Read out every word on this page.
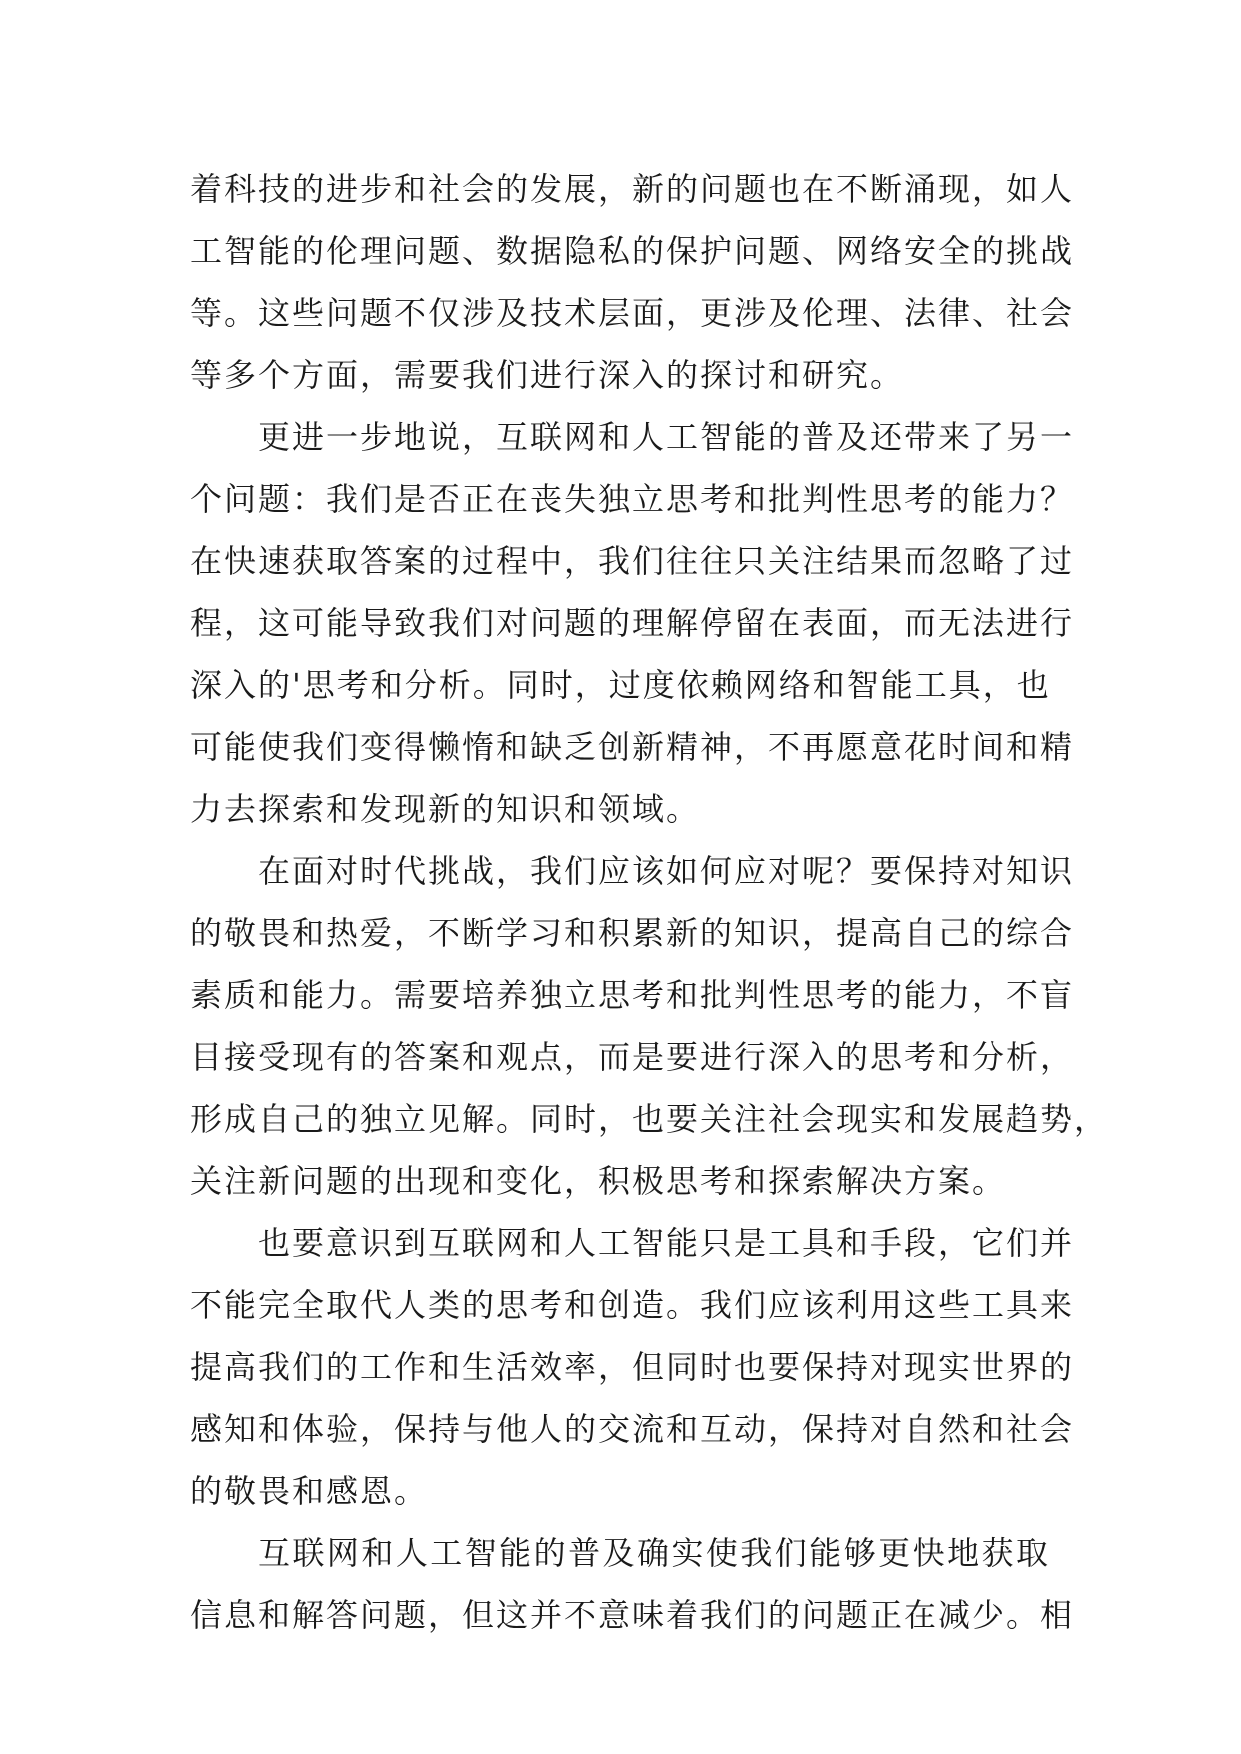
着科技的进步和社会的发展，新的问题也在不断涌现，如人
工智能的伦理问题、数据隐私的保护问题、网络安全的挑战
等。这些问题不仅涉及技术层面，更涉及伦理、法律、社会
等多个方面，需要我们进行深入的探讨和研究。
更进一步地说，互联网和人工智能的普及还带来了另一
个问题：我们是否正在丧失独立思考和批判性思考的能力？
在快速获取答案的过程中，我们往往只关注结果而忽略了过
程，这可能导致我们对问题的理解停留在表面，而无法进行
深入的'思考和分析。同时，过度依赖网络和智能工具，也
可能使我们变得懒惰和缺乏创新精神，不再愿意花时间和精
力去探索和发现新的知识和领域。
在面对时代挑战，我们应该如何应对呢？要保持对知识
的敬畏和热爱，不断学习和积累新的知识，提高自己的综合
素质和能力。需要培养独立思考和批判性思考的能力，不盲
目接受现有的答案和观点，而是要进行深入的思考和分析，
形成自己的独立见解。同时，也要关注社会现实和发展趋势，
关注新问题的出现和变化，积极思考和探索解决方案。
也要意识到互联网和人工智能只是工具和手段，它们并
不能完全取代人类的思考和创造。我们应该利用这些工具来
提高我们的工作和生活效率，但同时也要保持对现实世界的
感知和体验，保持与他人的交流和互动，保持对自然和社会
的敬畏和感恩。
互联网和人工智能的普及确实使我们能够更快地获取
信息和解答问题，但这并不意味着我们的问题正在减少。相
